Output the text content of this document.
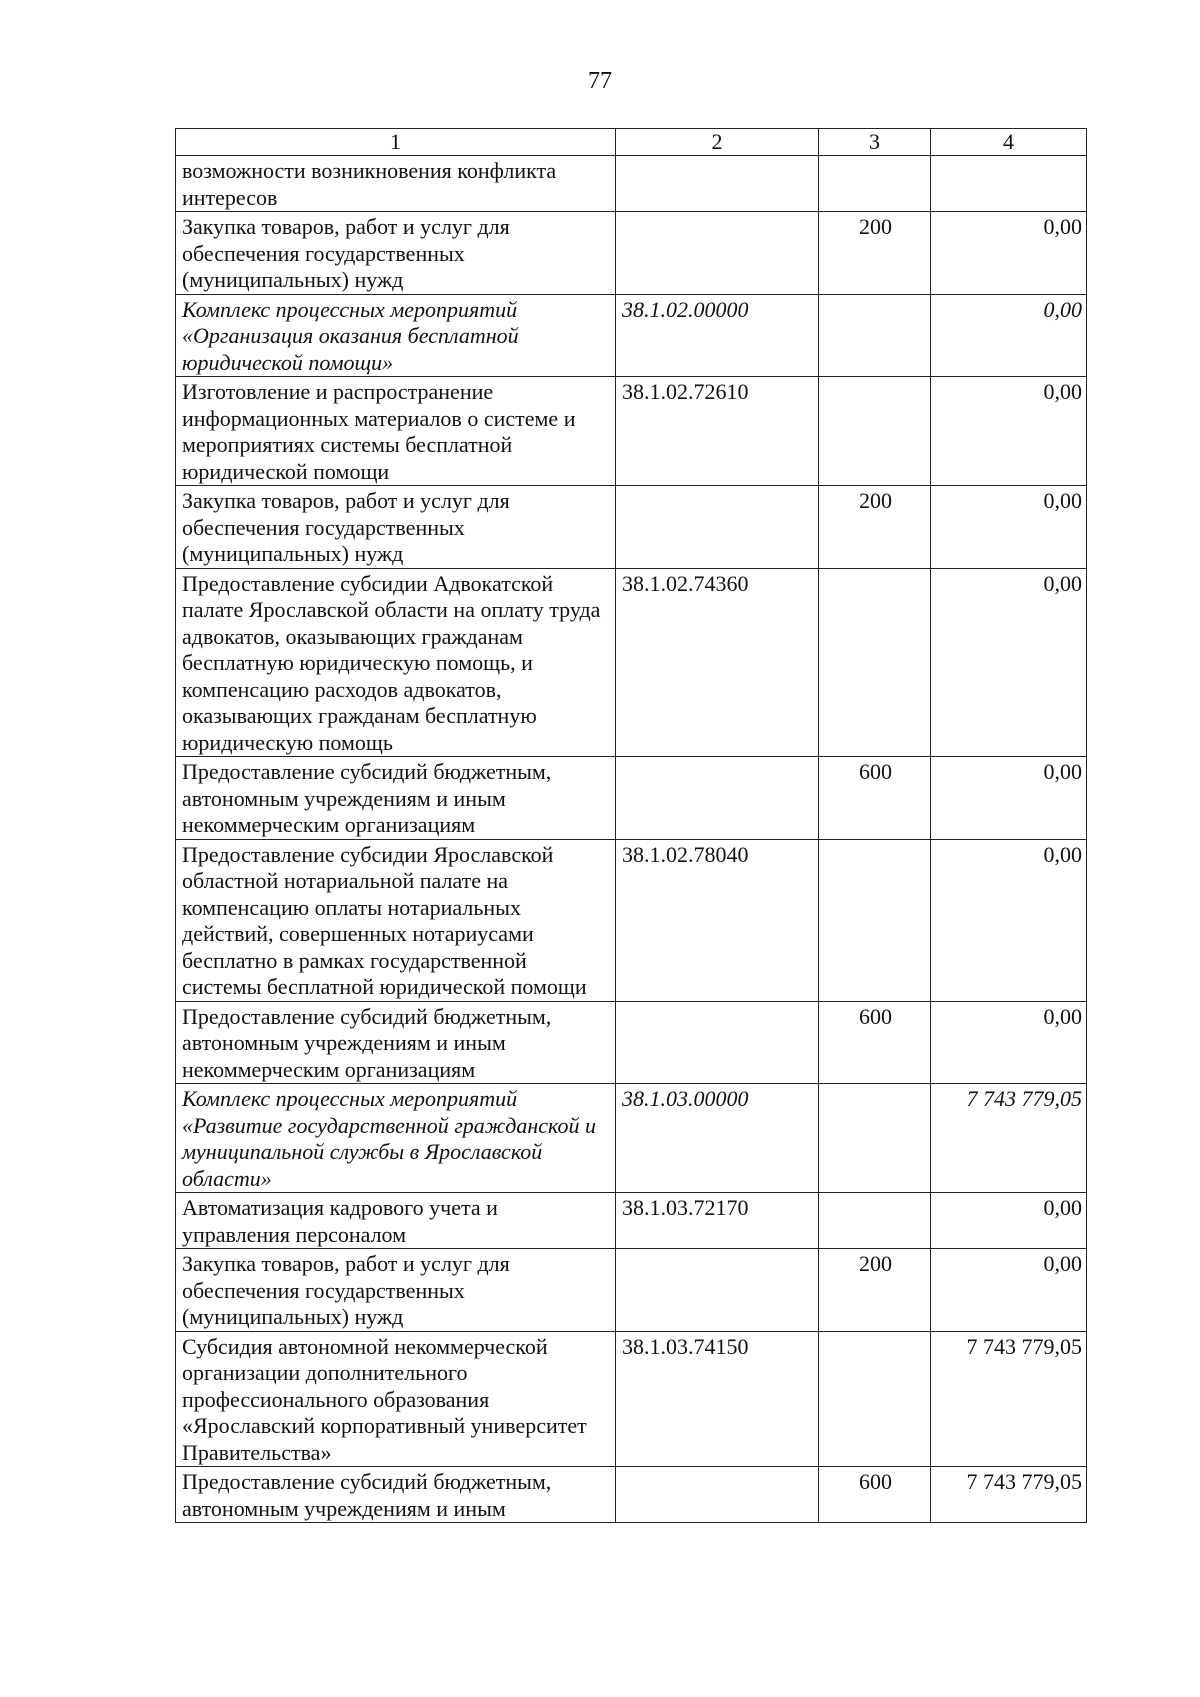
77
1	2	3	4
возможности возникновения конфликта интересов			
Закупка товаров, работ и услуг для обеспечения государственных (муниципальных) нужд		200	0,00
Комплекс процессных мероприятий «Организация оказания бесплатной юридической помощи»	38.1.02.00000		0,00
Изготовление и распространение информационных материалов о системе и мероприятиях системы бесплатной юридической помощи	38.1.02.72610		0,00
Закупка товаров, работ и услуг для обеспечения государственных (муниципальных) нужд		200	0,00
Предоставление субсидии Адвокатской палате Ярославской области на оплату труда адвокатов, оказывающих гражданам бесплатную юридическую помощь, и компенсацию расходов адвокатов, оказывающих гражданам бесплатную юридическую помощь	38.1.02.74360		0,00
Предоставление субсидий бюджетным, автономным учреждениям и иным некоммерческим организациям		600	0,00
Предоставление субсидии Ярославской областной нотариальной палате на компенсацию оплаты нотариальных действий, совершенных нотариусами бесплатно в рамках государственной системы бесплатной юридической помощи	38.1.02.78040		0,00
Предоставление субсидий бюджетным, автономным учреждениям и иным некоммерческим организациям		600	0,00
Комплекс процессных мероприятий «Развитие государственной гражданской и муниципальной службы в Ярославской области»	38.1.03.00000		7 743 779,05
Автоматизация кадрового учета и управления персоналом	38.1.03.72170		0,00
Закупка товаров, работ и услуг для обеспечения государственных (муниципальных) нужд		200	0,00
Субсидия автономной некоммерческой организации дополнительного профессионального образования «Ярославский корпоративный университет Правительства»	38.1.03.74150		7 743 779,05
Предоставление субсидий бюджетным, автономным учреждениям и иным		600	7 743 779,05
